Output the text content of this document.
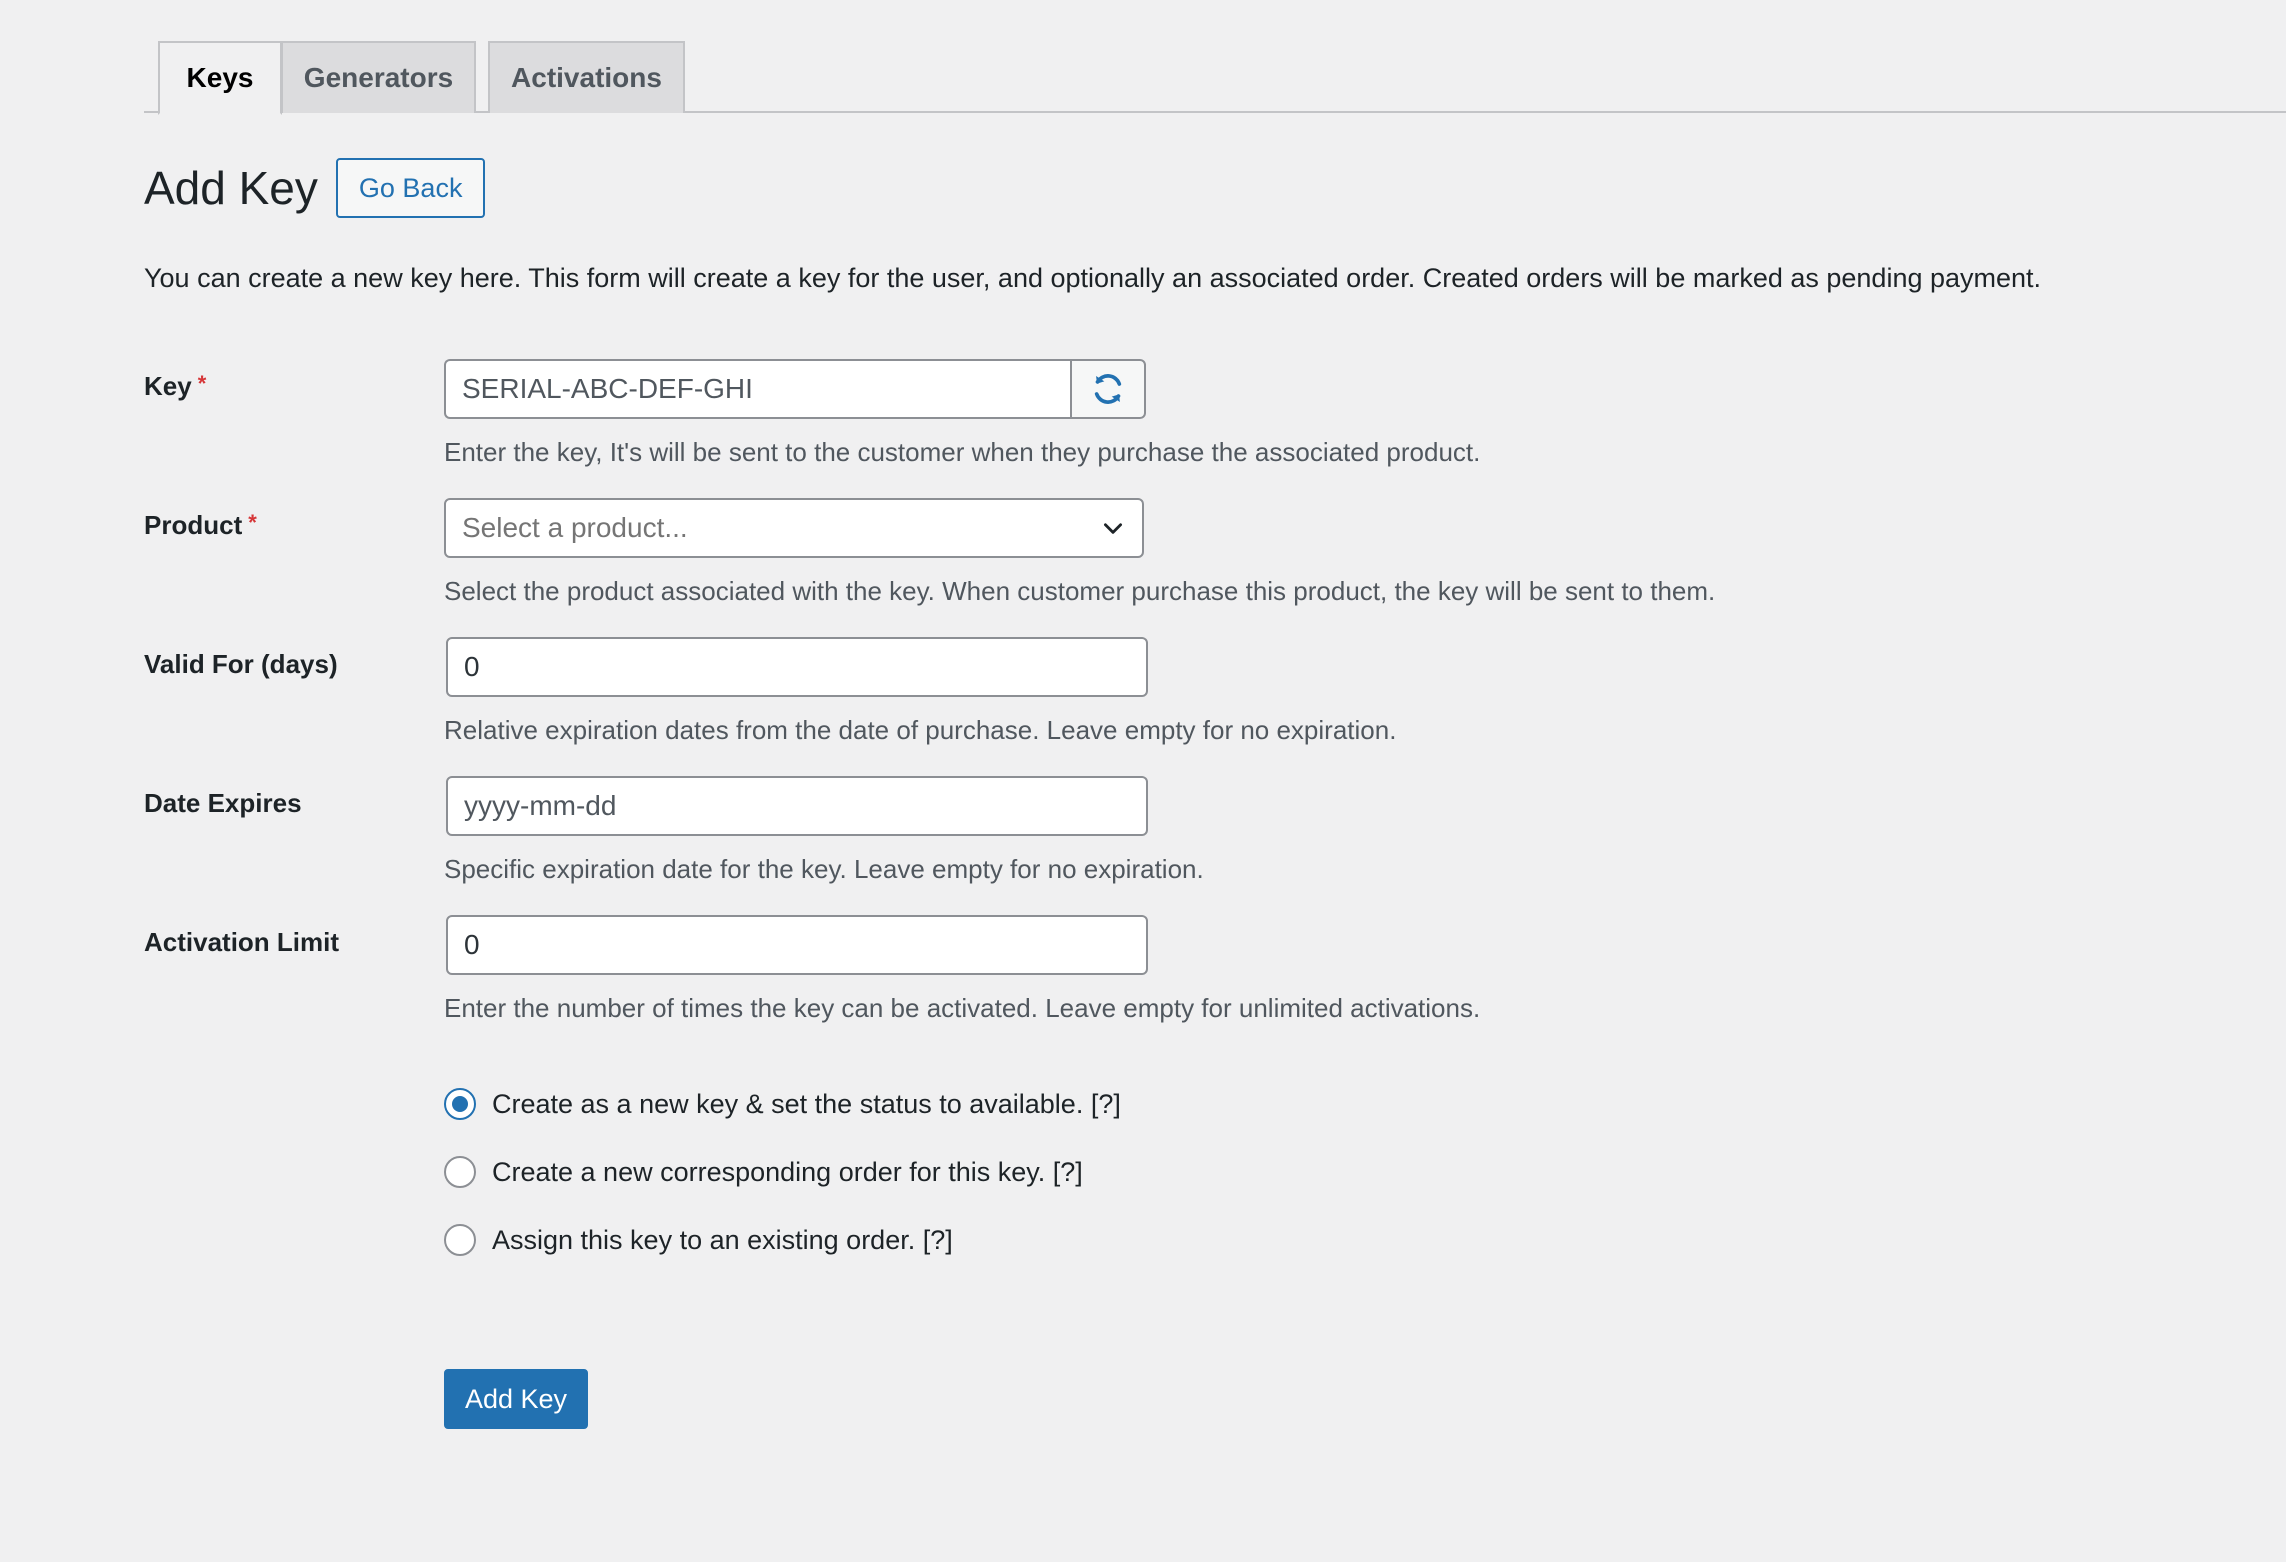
Keys	Generators	Activations
Add Key	Go Back
You can create a new key here. This form will create a key for the user, and optionally an associated order. Created orders will be marked as pending payment.
Key *	SERIAL-ABC-DEF-GHI
Enter the key, It's will be sent to the customer when they purchase the associated product.
Product *	Select a product...
Select the product associated with the key. When customer purchase this product, the key will be sent to them.
Valid For (days)	0
Relative expiration dates from the date of purchase. Leave empty for no expiration.
Date Expires	yyyy-mm-dd
Specific expiration date for the key. Leave empty for no expiration.
Activation Limit	0
Enter the number of times the key can be activated. Leave empty for unlimited activations.
Create as a new key & set the status to available. [?]
Create a new corresponding order for this key. [?]
Assign this key to an existing order. [?]
Add Key
